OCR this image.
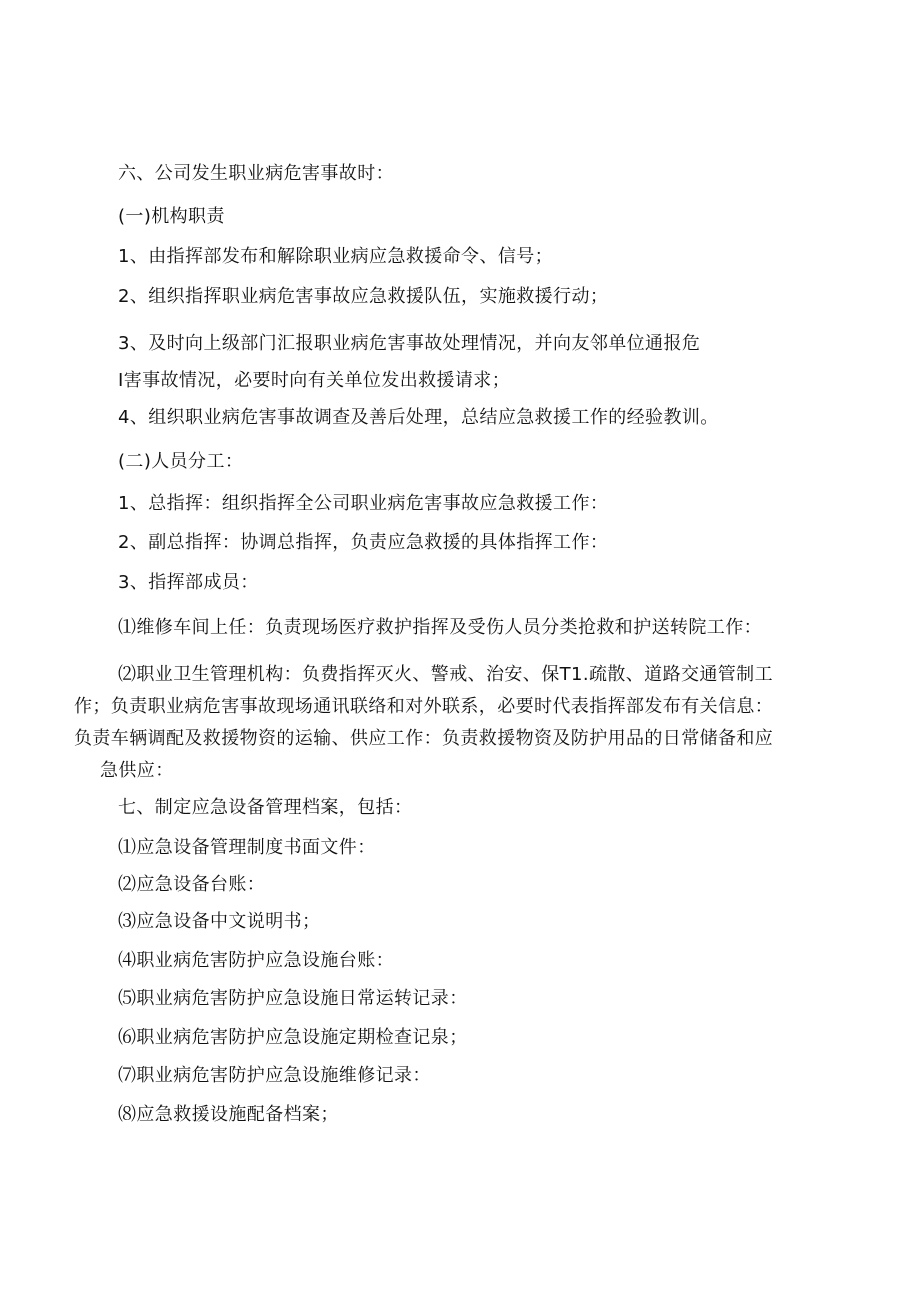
六、公司发生职业病危害事故时：
(一)机构职责
1、由指挥部发布和解除职业病应急救援命令、信号；
2、组织指挥职业病危害事故应急救援队伍，实施救援行动；
3、及时向上级部门汇报职业病危害事故处理情况，并向友邻单位通报危
I害事故情况，必要时向有关单位发出救援请求；
4、组织职业病危害事故调查及善后处理，总结应急救援工作的经验教训。
(二)人员分工：
1、总指挥：组织指挥全公司职业病危害事故应急救援工作：
2、副总指挥：协调总指挥，负责应急救援的具体指挥工作：
3、指挥部成员：
⑴维修车间上任：负责现场医疗救护指挥及受伤人员分类抢救和护送转院工作：
⑵职业卫生管理机构：负费指挥灭火、警戒、治安、保T1.疏散、道路交通管制工
作；负责职业病危害事故现场通讯联络和对外联系，必要时代表指挥部发布有关信息：
负责车辆调配及救援物资的运输、供应工作：负责救援物资及防护用品的日常储备和应
急供应：
七、制定应急设备管理档案，包括：
⑴应急设备管理制度书面文件：
⑵应急设备台账：
⑶应急设备中文说明书；
⑷职业病危害防护应急设施台账：
⑸职业病危害防护应急设施日常运转记录：
⑹职业病危害防护应急设施定期检查记泉；
⑺职业病危害防护应急设施维修记录：
⑻应急救援设施配备档案；
